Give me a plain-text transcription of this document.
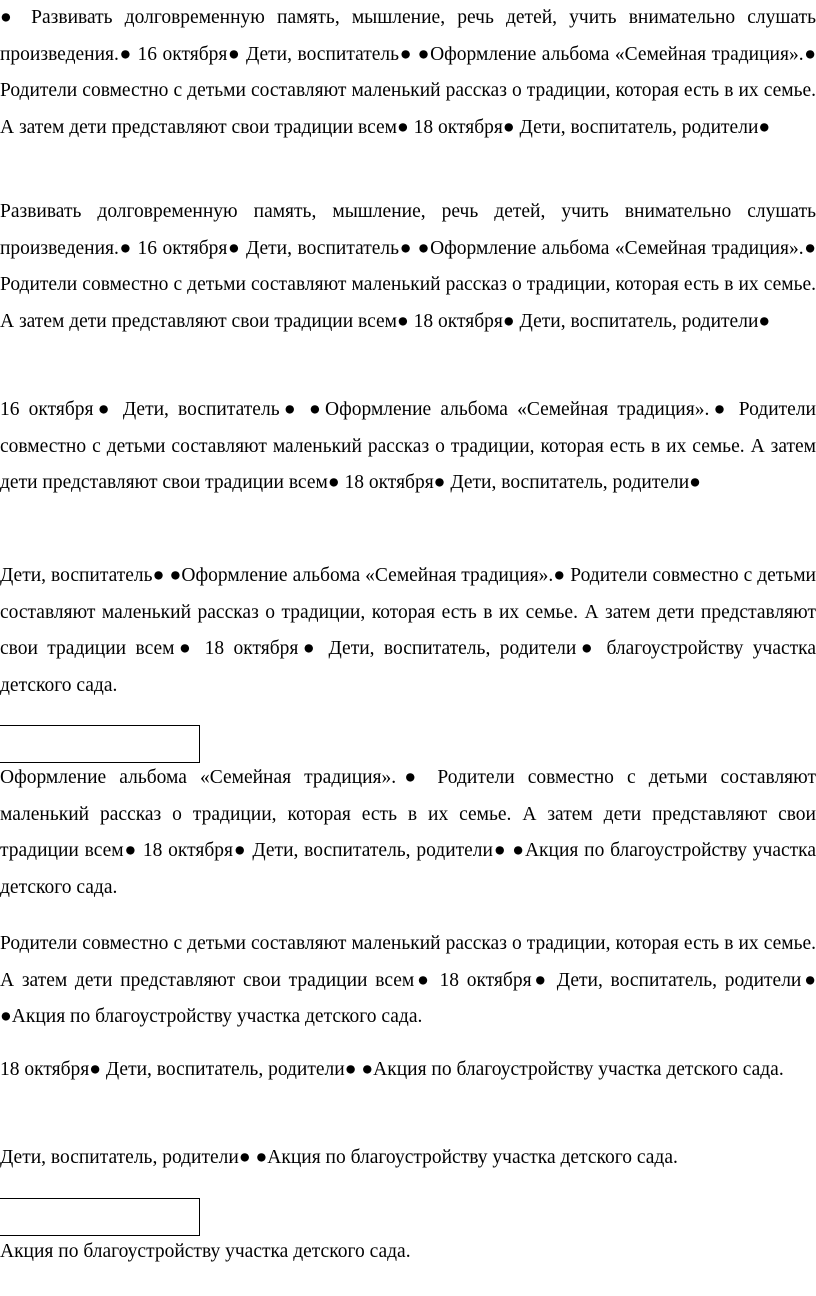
● Развивать долговременную память, мышление, речь детей, учить внимательно слушать произведения.● 16 октября● Дети, воспитатель● ●Оформление альбома «Семейная традиция».● Родители совместно с детьми составляют маленький рассказ о традиции, которая есть в их семье. А затем дети представляют свои традиции всем● 18 октября● Дети, воспитатель, родители●

Развивать долговременную память, мышление, речь детей, учить внимательно слушать произведения.● 16 октября● Дети, воспитатель● ●Оформление альбома «Семейная традиция».● Родители совместно с детьми составляют маленький рассказ о традиции, которая есть в их семье. А затем дети представляют свои традиции всем● 18 октября● Дети, воспитатель, родители●

16 октября● Дети, воспитатель● ●Оформление альбома «Семейная традиция».● Родители совместно с детьми составляют маленький рассказ о традиции, которая есть в их семье. А затем дети представляют свои традиции всем● 18 октября● Дети, воспитатель, родители●

Дети, воспитатель● ●Оформление альбома «Семейная традиция».● Родители совместно с детьми составляют маленький рассказ о традиции, которая есть в их семье. А затем дети представляют свои традиции всем● 18 октября● Дети, воспитатель, родители● благоустройству участка детского сада.

Оформление альбома «Семейная традиция».● Родители совместно с детьми составляют маленький рассказ о традиции, которая есть в их семье. А затем дети представляют свои традиции всем● 18 октября● Дети, воспитатель, родители● ●Акция по благоустройству участка детского сада.

Родители совместно с детьми составляют маленький рассказ о традиции, которая есть в их семье. А затем дети представляют свои традиции всем● 18 октября● Дети, воспитатель, родители● ●Акция по благоустройству участка детского сада.

18 октября● Дети, воспитатель, родители● ●Акция по благоустройству участка детского сада.

Дети, воспитатель, родители● ●Акция по благоустройству участка детского сада.

Акция по благоустройству участка детского сада.
